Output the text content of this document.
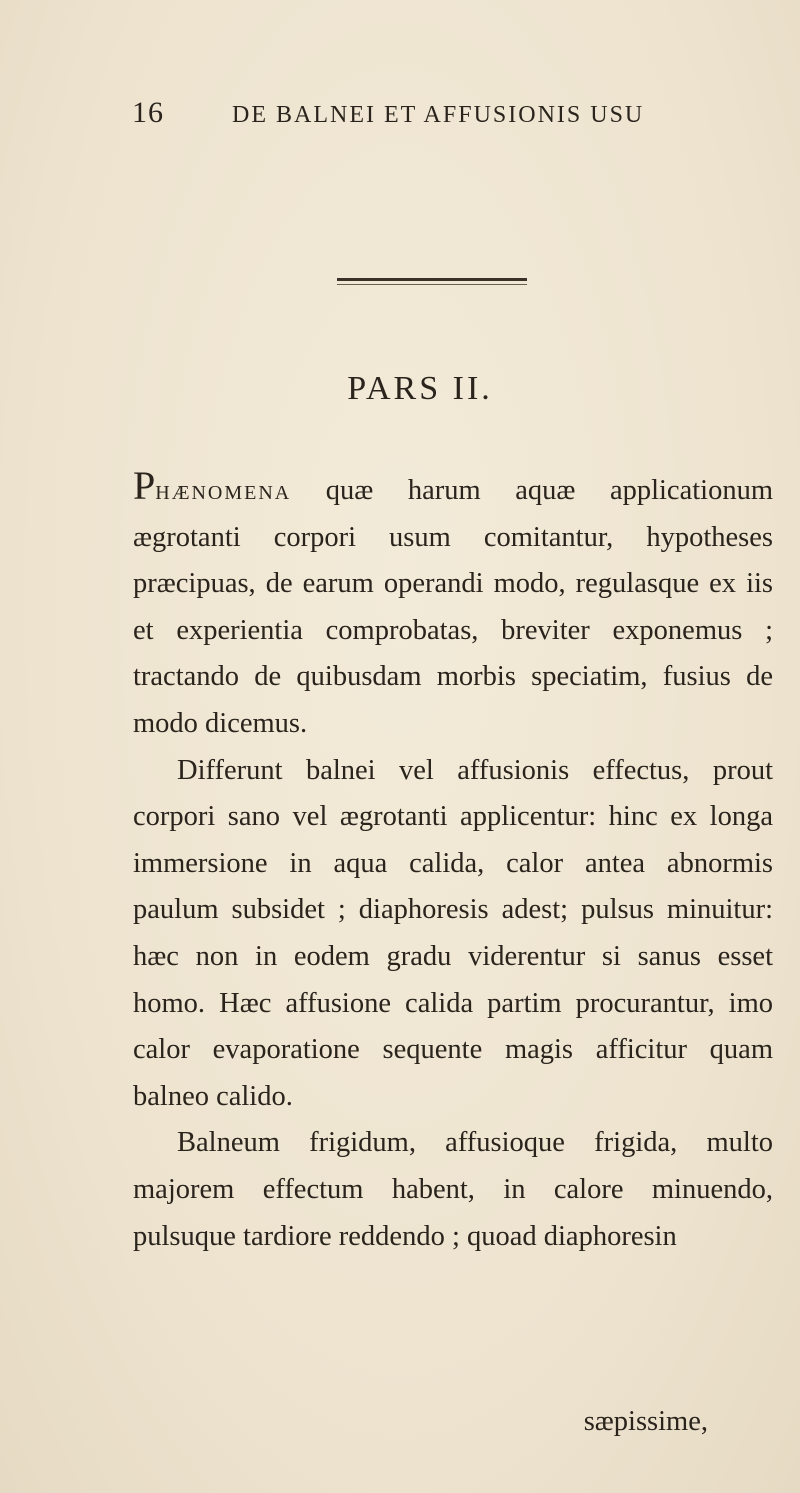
16	DE BALNEI ET AFFUSIONIS USU
PARS II.

Phænomena quæ harum aquæ applicationum ægrotanti corpori usum comitantur, hypotheses præcipuas, de earum operandi modo, regulasque ex iis et experientia comprobatas, breviter exponemus ; tractando de quibusdam morbis speciatim, fusius de modo dicemus.

Differunt balnei vel affusionis effectus, prout corpori sano vel ægrotanti applicentur: hinc ex longa immersione in aqua calida, calor antea abnormis paulum subsidet ; diaphoresis adest; pulsus minuitur: hæc non in eodem gradu viderentur si sanus esset homo. Hæc affusione calida partim procurantur, imo calor evaporatione sequente magis afficitur quam balneo calido.

Balneum frigidum, affusioque frigida, multo majorem effectum habent, in calore minuendo, pulsuque tardiore reddendo ; quoad diaphoresin

sæpissime,
